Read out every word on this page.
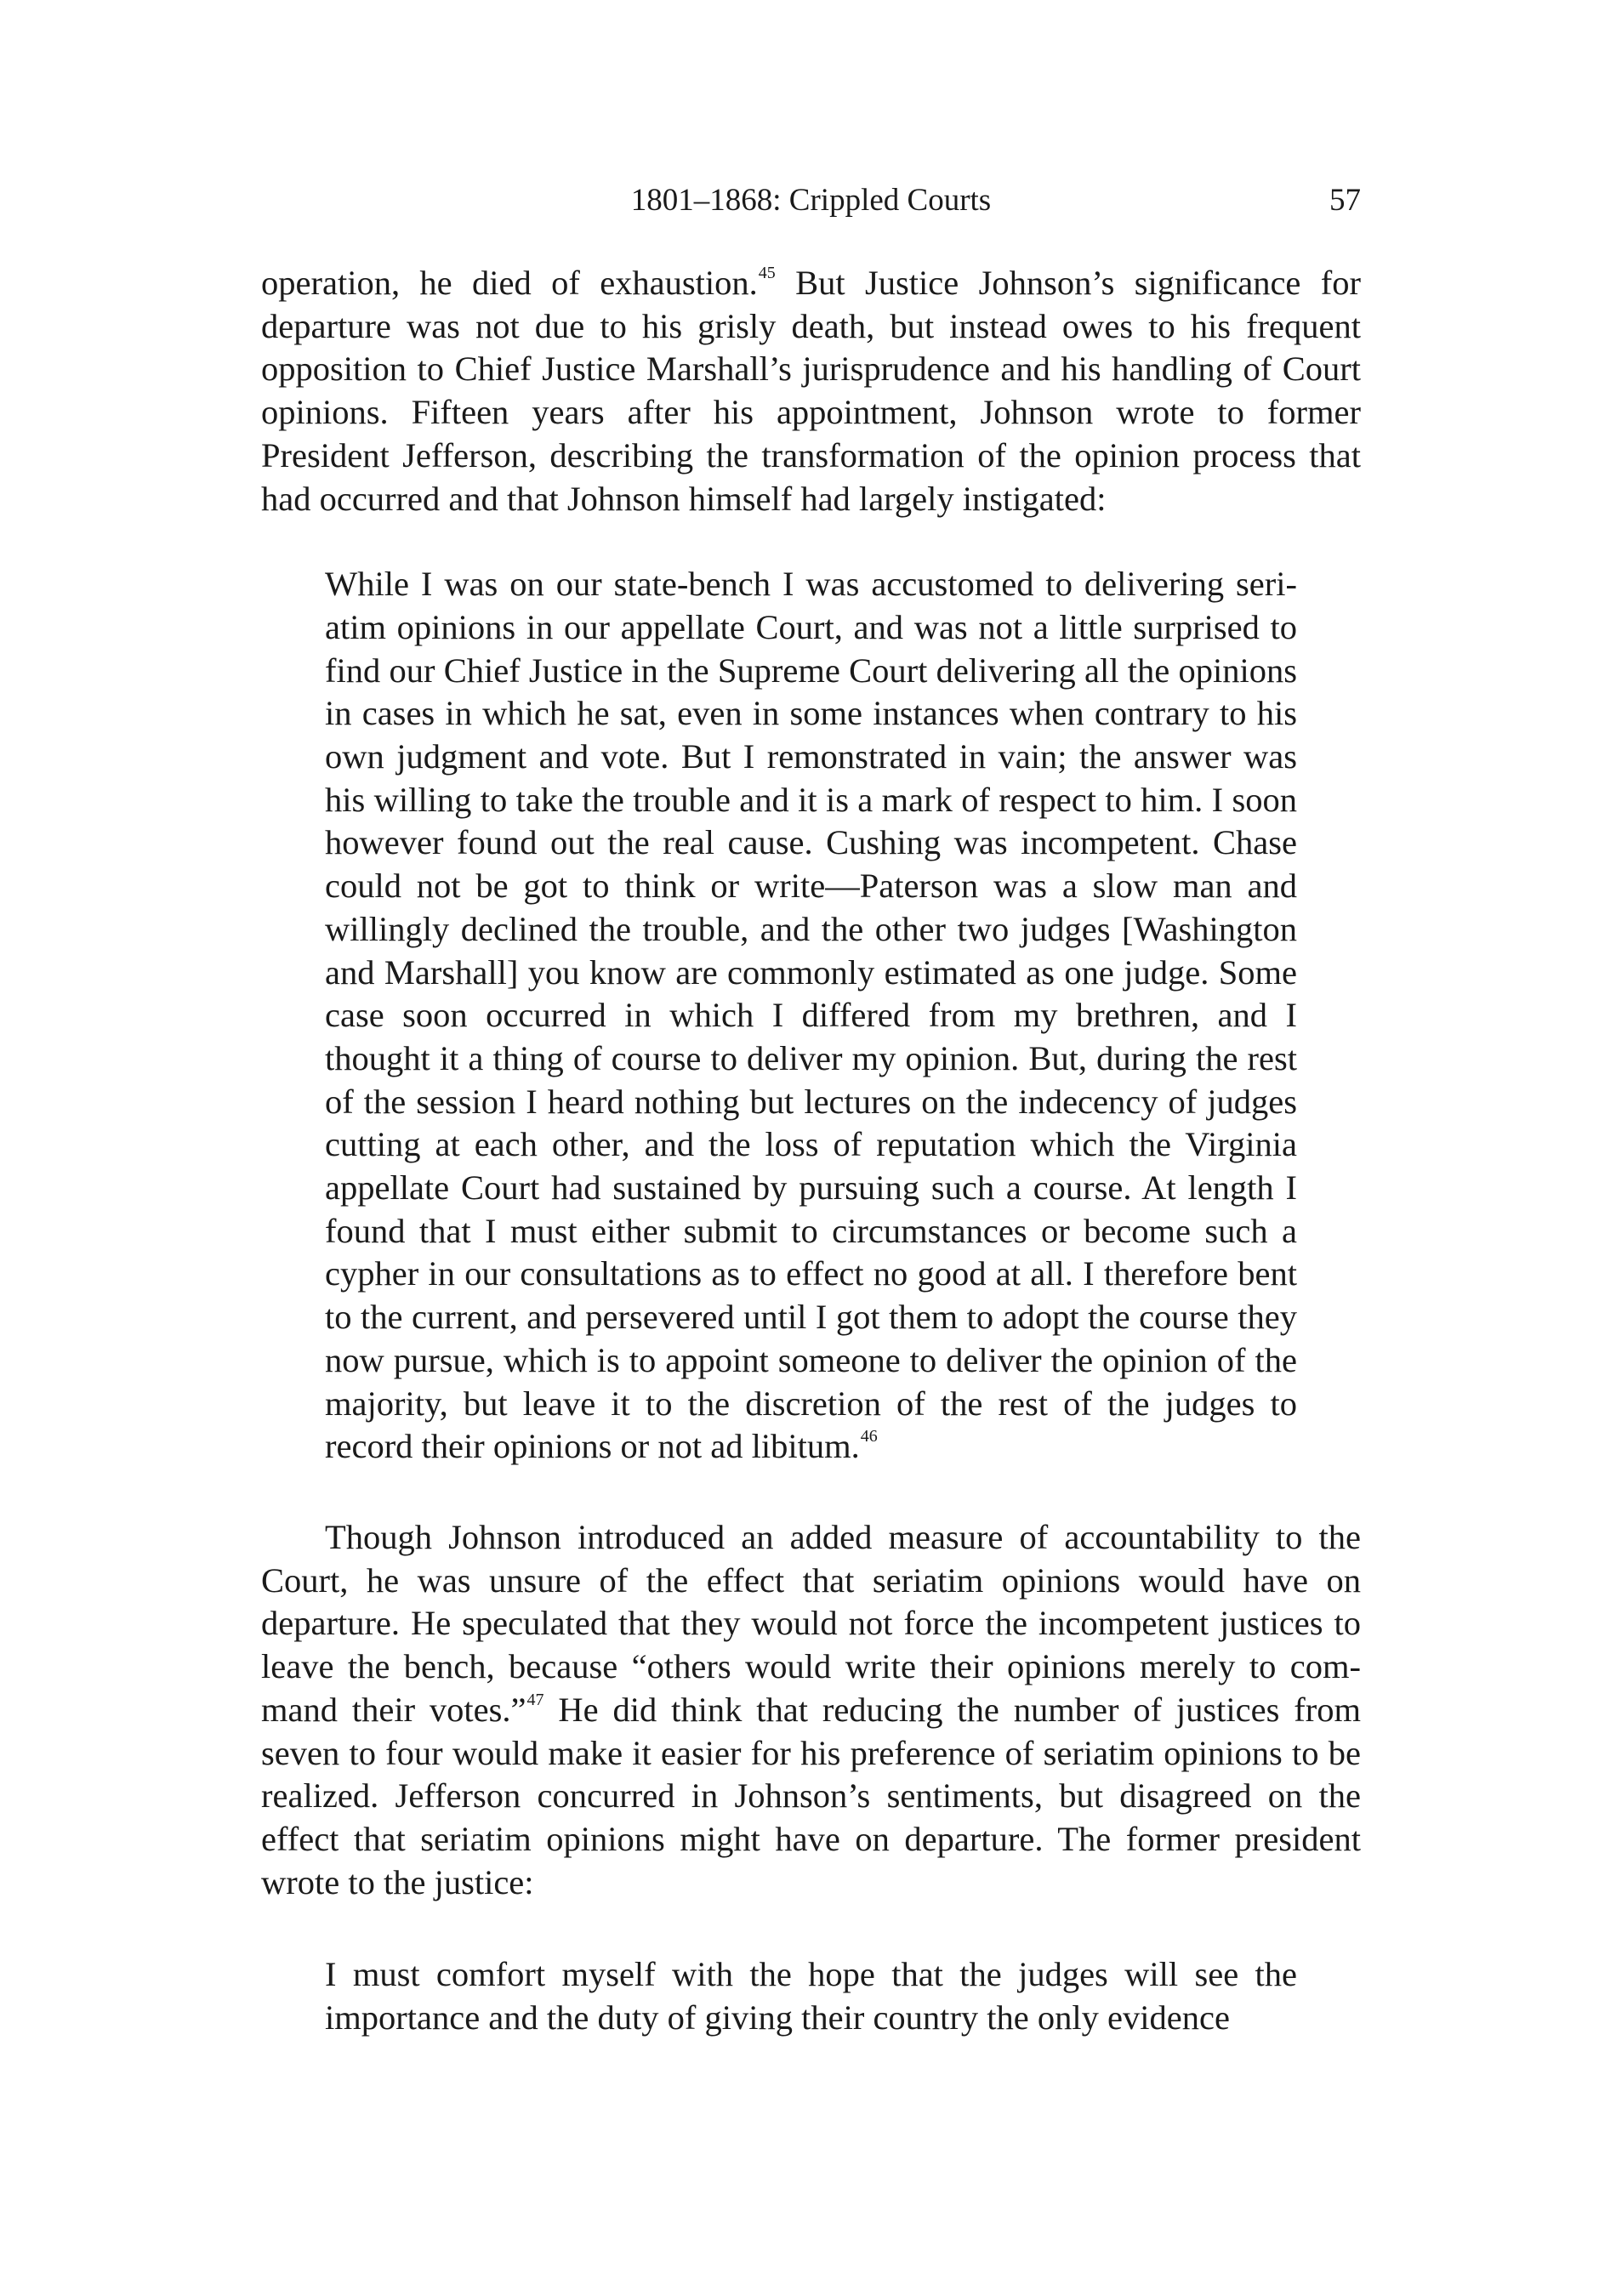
1801–1868: Crippled Courts	57

operation, he died of exhaustion.$^{45}$ But Justice Johnson’s significance for departure was not due to his grisly death, but instead owes to his frequent opposition to Chief Justice Marshall’s jurisprudence and his handling of Court opinions. Fifteen years after his appointment, Johnson wrote to former President Jefferson, describing the transformation of the opinion process that had occurred and that Johnson himself had largely instigated:

While I was on our state-bench I was accustomed to delivering seriatim opinions in our appellate Court, and was not a little surprised to find our Chief Justice in the Supreme Court delivering all the opinions in cases in which he sat, even in some instances when contrary to his own judgment and vote. But I remonstrated in vain; the answer was his willing to take the trouble and it is a mark of respect to him. I soon however found out the real cause. Cushing was incompetent. Chase could not be got to think or write—Paterson was a slow man and willingly declined the trouble, and the other two judges [Washington and Marshall] you know are commonly estimated as one judge. Some case soon occurred in which I differed from my brethren, and I thought it a thing of course to deliver my opinion. But, during the rest of the session I heard nothing but lectures on the indecency of judges cutting at each other, and the loss of reputation which the Virginia appellate Court had sustained by pursuing such a course. At length I found that I must either submit to circumstances or become such a cypher in our consultations as to effect no good at all. I therefore bent to the current, and persevered until I got them to adopt the course they now pursue, which is to appoint someone to deliver the opinion of the majority, but leave it to the discretion of the rest of the judges to record their opinions or not ad libitum.$^{46}$

Though Johnson introduced an added measure of accountability to the Court, he was unsure of the effect that seriatim opinions would have on departure. He speculated that they would not force the incompetent justices to leave the bench, because “others would write their opinions merely to command their votes.”$^{47}$ He did think that reducing the number of justices from seven to four would make it easier for his preference of seriatim opinions to be realized. Jefferson concurred in Johnson’s sentiments, but disagreed on the effect that seriatim opinions might have on departure. The former president wrote to the justice:

I must comfort myself with the hope that the judges will see the importance and the duty of giving their country the only evidence
